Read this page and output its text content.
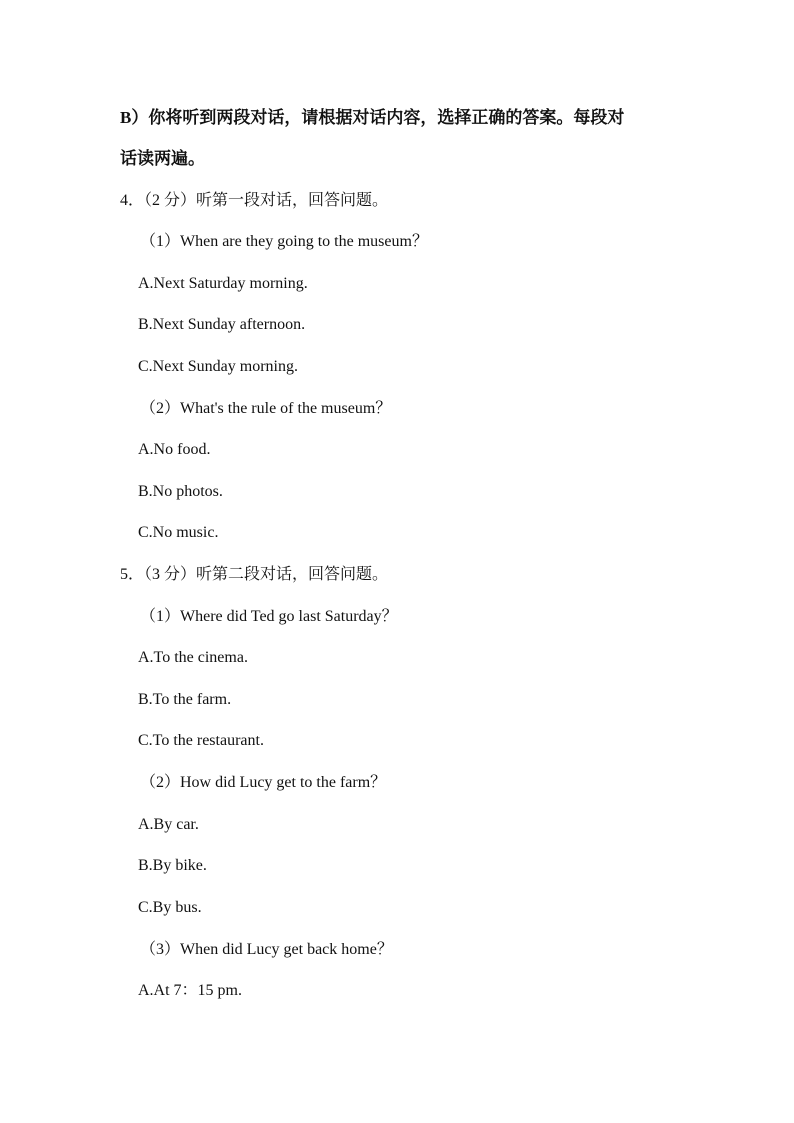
B）你将听到两段对话，请根据对话内容，选择正确的答案。每段对
话读两遍。
4．（2 分）听第一段对话，回答问题。
（1）When are they going to the museum？
A.Next Saturday morning.
B.Next Sunday afternoon.
C.Next Sunday morning.
（2）What's the rule of the museum？
A.No food.
B.No photos.
C.No music.
5．（3 分）听第二段对话，回答问题。
（1）Where did Ted go last Saturday？
A.To the cinema.
B.To the farm.
C.To the restaurant.
（2）How did Lucy get to the farm？
A.By car.
B.By bike.
C.By bus.
（3）When did Lucy get back home？
A.At 7：15 pm.
